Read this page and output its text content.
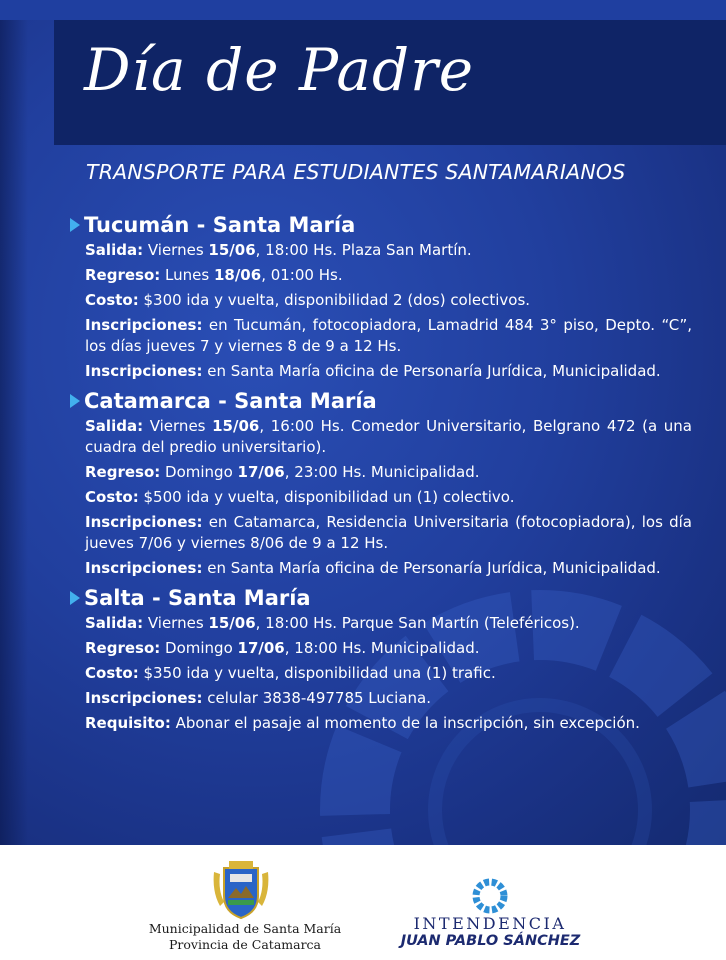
Día de Padre
TRANSPORTE PARA ESTUDIANTES SANTAMARIANOS
Tucumán - Santa María

Salida: Viernes 15/06, 18:00 Hs. Plaza San Martín.

Regreso: Lunes 18/06, 01:00 Hs.

Costo: $300 ida y vuelta, disponibilidad 2 (dos) colectivos.

Inscripciones: en Tucumán, fotocopiadora, Lamadrid 484 3° piso, Depto. “C”, los días jueves 7 y viernes 8 de 9 a 12 Hs.

Inscripciones: en Santa María oficina de Personaría Jurídica, Municipalidad.

Catamarca - Santa María

Salida: Viernes 15/06, 16:00 Hs. Comedor Universitario, Belgrano 472 (a una cuadra del predio universitario).

Regreso: Domingo 17/06, 23:00 Hs. Municipalidad.

Costo: $500 ida y vuelta, disponibilidad un (1) colectivo.

Inscripciones: en Catamarca, Residencia Universitaria (fotocopiadora), los día jueves 7/06 y viernes 8/06 de 9 a 12 Hs.

Inscripciones: en Santa María oficina de Personaría Jurídica, Municipalidad.

Salta - Santa María

Salida: Viernes 15/06, 18:00 Hs. Parque San Martín (Teleféricos).

Regreso: Domingo 17/06, 18:00 Hs. Municipalidad.

Costo: $350 ida y vuelta, disponibilidad una (1) trafic.

Inscripciones: celular 3838-497785 Luciana.

Requisito: Abonar el pasaje al momento de la inscripción, sin excepción.

Municipalidad de Santa María

Provincia de Catamarca

INTENDENCIA

JUAN PABLO SÁNCHEZ
